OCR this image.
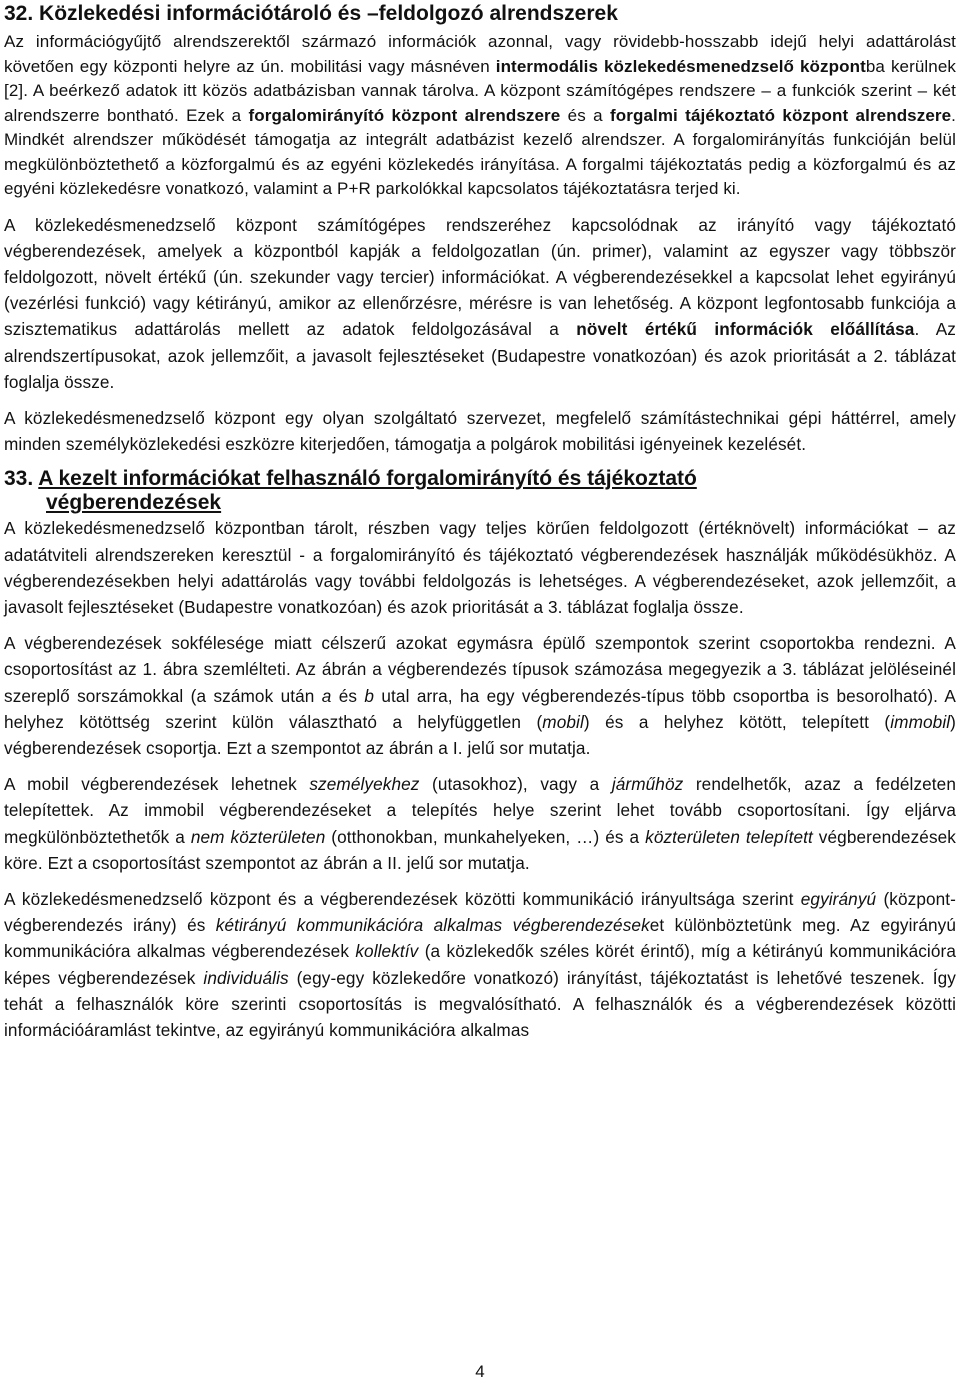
32. Közlekedési információtároló és –feldolgozó alrendszerek

Az információgyűjtő alrendszerektől származó információk azonnal, vagy rövidebb-hosszabb idejű helyi adattárolást követően egy központi helyre az ún. mobilitási vagy másnéven intermodális közlekedésmenedzselő központba kerülnek [2]. A beérkező adatok itt közös adatbázisban vannak tárolva. A központ számítógépes rendszere – a funkciók szerint – két alrendszerre bontható. Ezek a forgalomirányító központ alrendszere és a forgalmi tájékoztató központ alrendszere. Mindkét alrendszer működését támogatja az integrált adatbázist kezelő alrendszer. A forgalomirányítás funkcióján belül megkülönböztethető a közforgalmú és az egyéni közlekedés irányítása. A forgalmi tájékoztatás pedig a közforgalmú és az egyéni közlekedésre vonatkozó, valamint a P+R parkolókkal kapcsolatos tájékoztatásra terjed ki.

A közlekedésmenedzselő központ számítógépes rendszeréhez kapcsolódnak az irányító vagy tájékoztató végberendezések, amelyek a központból kapják a feldolgozatlan (ún. primer), valamint az egyszer vagy többször feldolgozott, növelt értékű (ún. szekunder vagy tercier) információkat. A végberendezésekkel a kapcsolat lehet egyirányú (vezérlési funkció) vagy kétirányú, amikor az ellenőrzésre, mérésre is van lehetőség. A központ legfontosabb funkciója a szisztematikus adattárolás mellett az adatok feldolgozásával a növelt értékű információk előállítása. Az alrendszertípusokat, azok jellemzőit, a javasolt fejlesztéseket (Budapestre vonatkozóan) és azok prioritását a 2. táblázat foglalja össze.

A közlekedésmenedzselő központ egy olyan szolgáltató szervezet, megfelelő számítástechnikai gépi háttérrel, amely minden személyközlekedési eszközre kiterjedően, támogatja a polgárok mobilitási igényeinek kezelését.

33. A kezelt információkat felhasználó forgalomirányító és tájékoztató
végberendezések

A közlekedésmenedzselő központban tárolt, részben vagy teljes körűen feldolgozott (értéknövelt) információkat – az adatátviteli alrendszereken keresztül - a forgalomirányító és tájékoztató végberendezések használják működésükhöz. A végberendezésekben helyi adattárolás vagy további feldolgozás is lehetséges. A végberendezéseket, azok jellemzőit, a javasolt fejlesztéseket (Budapestre vonatkozóan) és azok prioritását a 3. táblázat foglalja össze.

A végberendezések sokfélesége miatt célszerű azokat egymásra épülő szempontok szerint csoportokba rendezni. A csoportosítást az 1. ábra szemlélteti. Az ábrán a végberendezés típusok számozása megegyezik a 3. táblázat jelöléseinél szereplő sorszámokkal (a számok után a és b utal arra, ha egy végberendezés-típus több csoportba is besorolható). A helyhez kötöttség szerint külön választható a helyfüggetlen (mobil) és a helyhez kötött, telepített (immobil) végberendezések csoportja. Ezt a szempontot az ábrán a I. jelű sor mutatja.

A mobil végberendezések lehetnek személyekhez (utasokhoz), vagy a járműhöz rendelhetők, azaz a fedélzeten telepítettek. Az immobil végberendezéseket a telepítés helye szerint lehet tovább csoportosítani. Így eljárva megkülönböztethetők a nem közterületen (otthonokban, munkahelyeken, …) és a közterületen telepített végberendezések köre. Ezt a csoportosítást szempontot az ábrán a II. jelű sor mutatja.

A közlekedésmenedzselő központ és a végberendezések közötti kommunikáció irányultsága szerint egyirányú (központ-végberendezés irány) és kétirányú kommunikációra alkalmas végberendezéseket különböztetünk meg. Az egyirányú kommunikációra alkalmas végberendezések kollektív (a közlekedők széles körét érintő), míg a kétirányú kommunikációra képes végberendezések individuális (egy-egy közlekedőre vonatkozó) irányítást, tájékoztatást is lehetővé teszenek. Így tehát a felhasználók köre szerinti csoportosítás is megvalósítható. A felhasználók és a végberendezések közötti információáramlást tekintve, az egyirányú kommunikációra alkalmas

4
